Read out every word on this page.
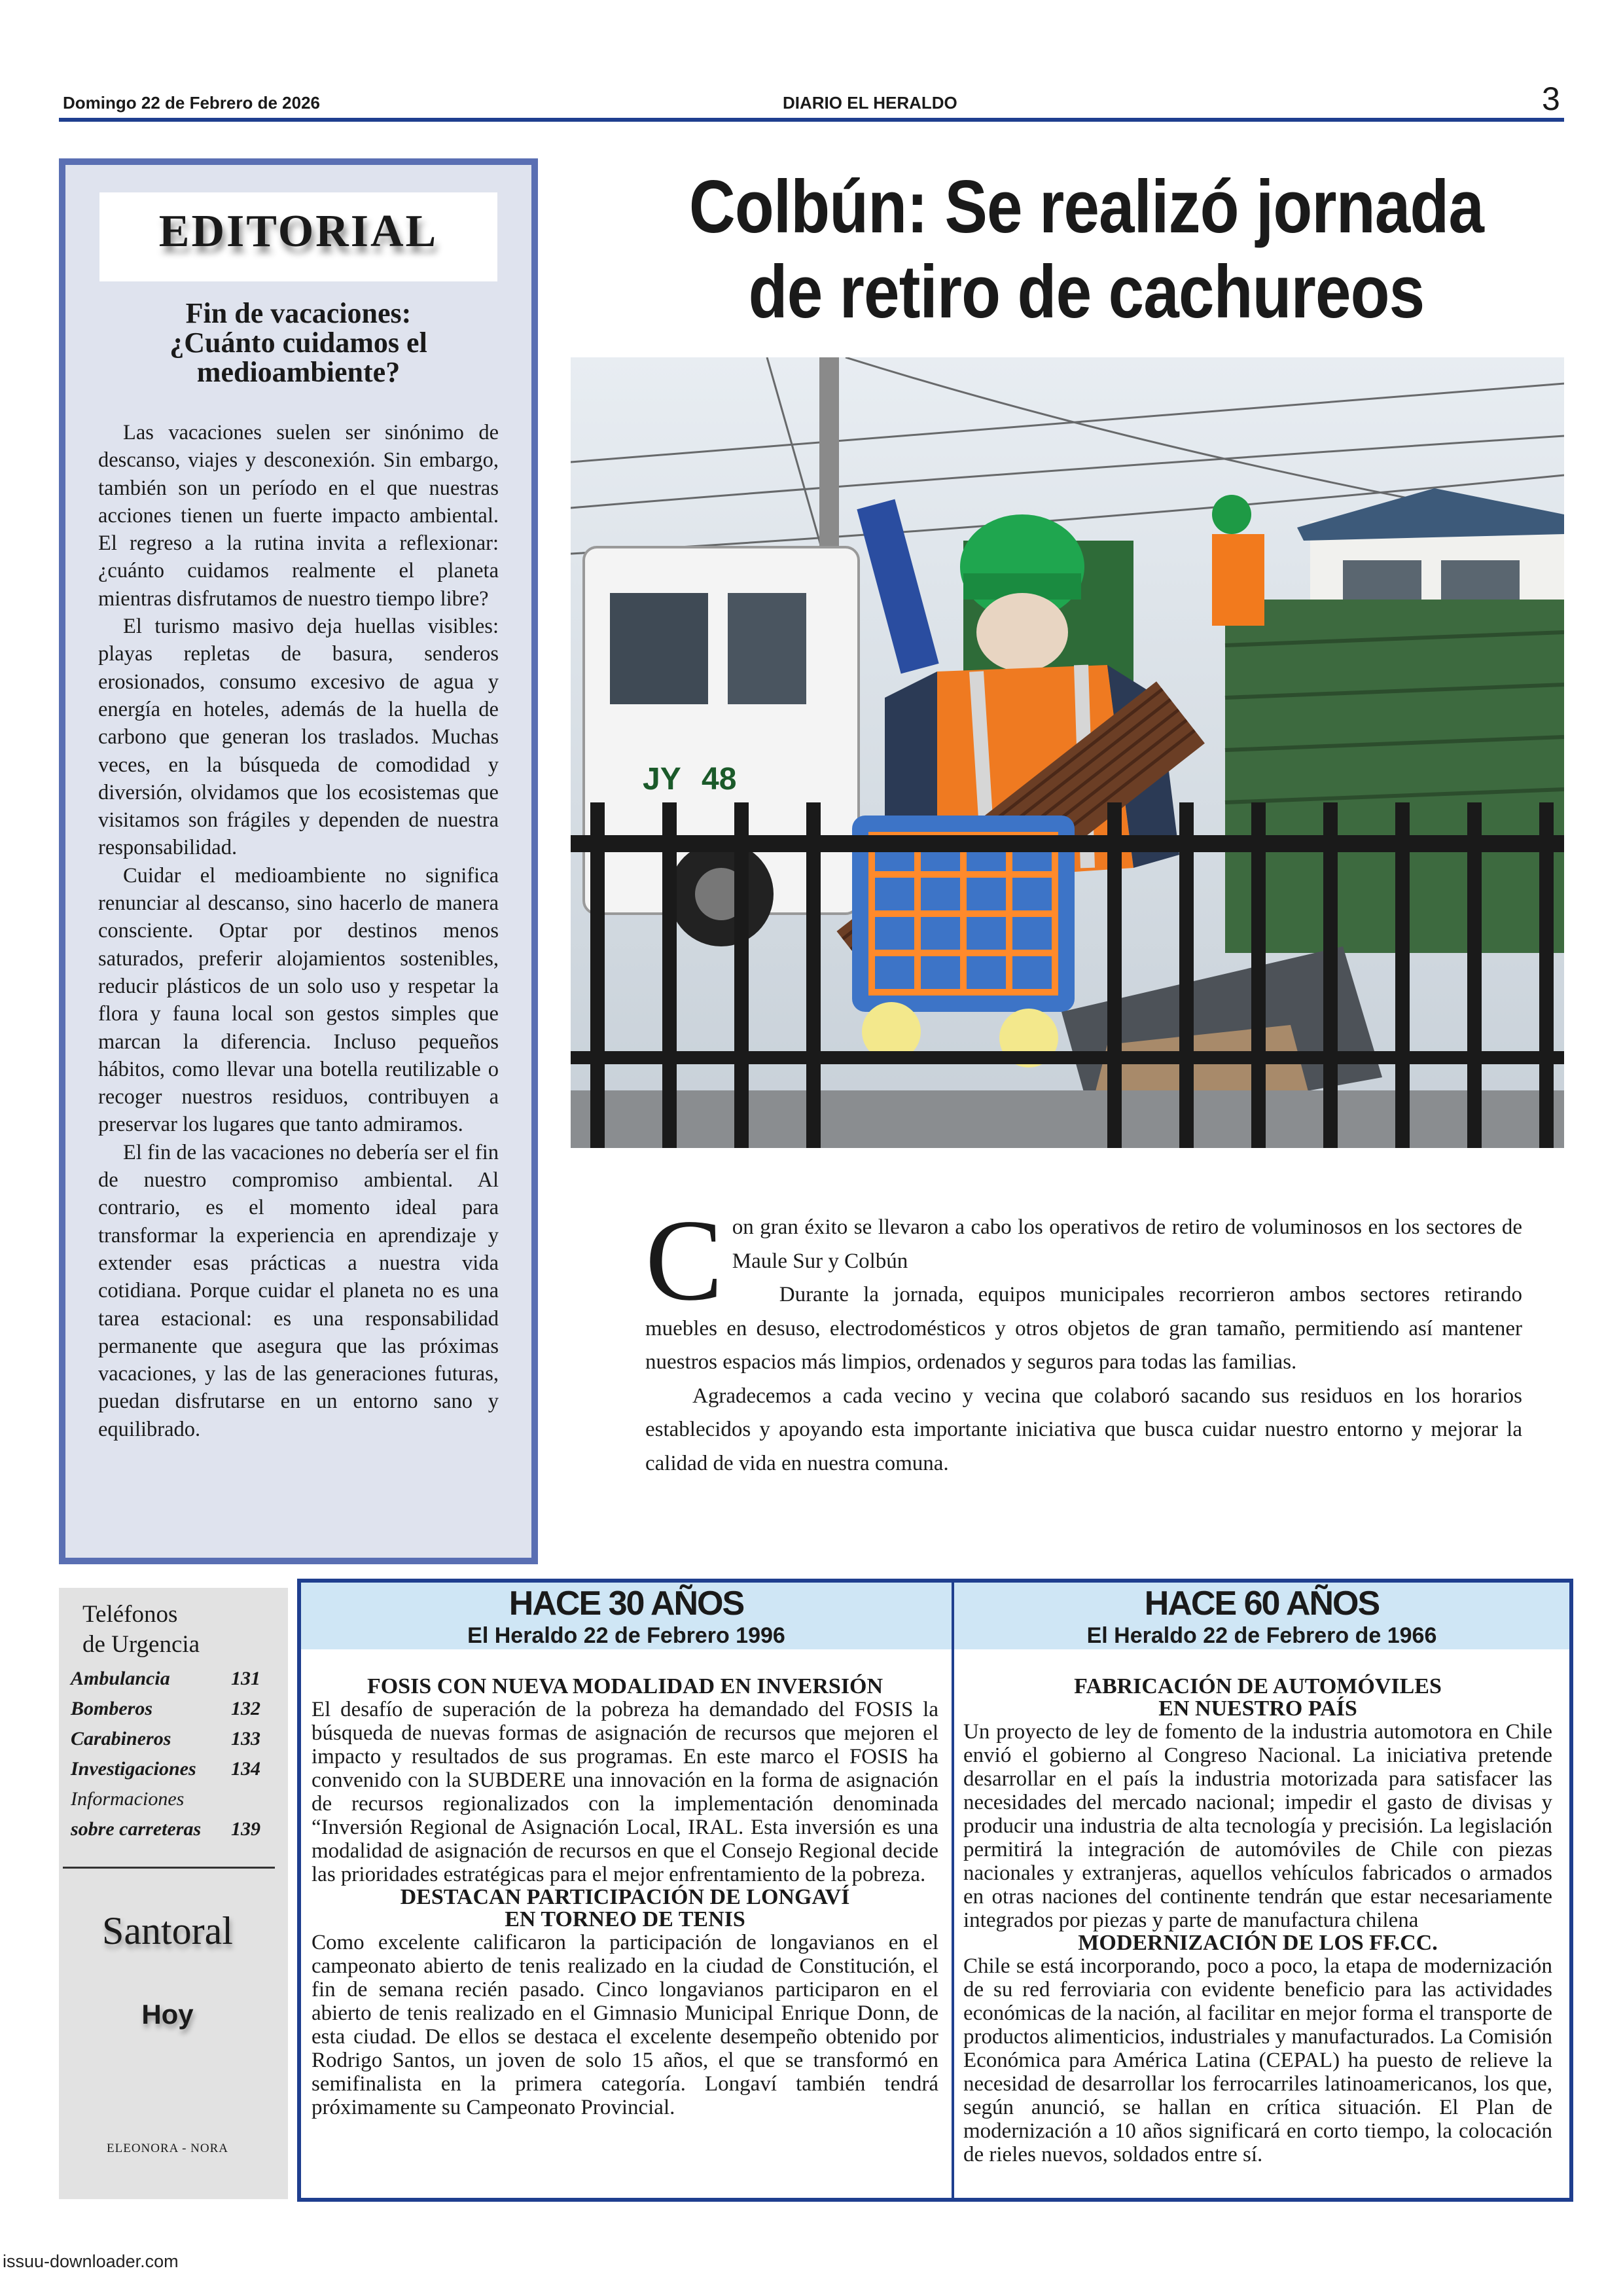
Domingo 22 de Febrero de 2026	DIARIO EL HERALDO	3
EDITORIAL
Fin de vacaciones:
¿Cuánto cuidamos el
medioambiente?

Las vacaciones suelen ser sinónimo de descanso, viajes y desconexión. Sin embargo, también son un período en el que nuestras acciones tienen un fuerte impacto ambiental. El regreso a la rutina invita a reflexionar: ¿cuánto cuidamos realmente el planeta mientras disfrutamos de nuestro tiempo libre?

El turismo masivo deja huellas visibles: playas repletas de basura, senderos erosionados, consumo excesivo de agua y energía en hoteles, además de la huella de carbono que generan los traslados. Muchas veces, en la búsqueda de comodidad y diversión, olvidamos que los ecosistemas que visitamos son frágiles y dependen de nuestra responsabilidad.

Cuidar el medioambiente no significa renunciar al descanso, sino hacerlo de manera consciente. Optar por destinos menos saturados, preferir alojamientos sostenibles, reducir plásticos de un solo uso y respetar la flora y fauna local son gestos simples que marcan la diferencia. Incluso pequeños hábitos, como llevar una botella reutilizable o recoger nuestros residuos, contribuyen a preservar los lugares que tanto admiramos.

El fin de las vacaciones no debería ser el fin de nuestro compromiso ambiental. Al contrario, es el momento ideal para transformar la experiencia en aprendizaje y extender esas prácticas a nuestra vida cotidiana. Porque cuidar el planeta no es una tarea estacional: es una responsabilidad permanente que asegura que las próximas vacaciones, y las de las generaciones futuras, puedan disfrutarse en un entorno sano y equilibrado.

Colbún: Se realizó jornada
de retiro de cachureos
JY 48

Con gran éxito se llevaron a cabo los operativos de retiro de voluminosos en los sectores de Maule Sur y Colbún

Durante la jornada, equipos municipales recorrieron ambos sectores retirando muebles en desuso, electrodomésticos y otros objetos de gran tamaño, permitiendo así mantener nuestros espacios más limpios, ordenados y seguros para todas las familias.

Agradecemos a cada vecino y vecina que colaboró sacando sus residuos en los horarios establecidos y apoyando esta importante iniciativa que busca cuidar nuestro entorno y mejorar la calidad de vida en nuestra comuna.

Teléfonos
de Urgencia
Ambulancia	131
Bomberos	132
Carabineros	133
Investigaciones 134
Informaciones
sobre carreteras 139
Santoral
Hoy
ELEONORA - NORA
HACE 30 AÑOS
El Heraldo 22 de Febrero 1996
HACE 60 AÑOS
El Heraldo 22 de Febrero de 1966
FOSIS CON NUEVA MODALIDAD EN INVERSIÓN
El desafío de superación de la pobreza ha demandado del FOSIS la búsqueda de nuevas formas de asignación de recursos que mejoren el impacto y resultados de sus programas. En este marco el FOSIS ha convenido con la SUBDERE una innovación en la forma de asignación de recursos regionalizados con la implementación denominada “Inversión Regional de Asignación Local, IRAL. Esta inversión es una modalidad de asignación de recursos en que el Consejo Regional decide las prioridades estratégicas para el mejor enfrentamiento de la pobreza.
DESTACAN PARTICIPACIÓN DE LONGAVÍ
EN TORNEO DE TENIS
Como excelente calificaron la participación de longavianos en el campeonato abierto de tenis realizado en la ciudad de Constitución, el fin de semana recién pasado. Cinco longavianos participaron en el abierto de tenis realizado en el Gimnasio Municipal Enrique Donn, de esta ciudad. De ellos se destaca el excelente desempeño obtenido por Rodrigo Santos, un joven de solo 15 años, el que se transformó en semifinalista en la primera categoría. Longaví también tendrá próximamente su Campeonato Provincial.
FABRICACIÓN DE AUTOMÓVILES
EN NUESTRO PAÍS
Un proyecto de ley de fomento de la industria automotora en Chile envió el gobierno al Congreso Nacional. La iniciativa pretende desarrollar en el país la industria motorizada para satisfacer las necesidades del mercado nacional; impedir el gasto de divisas y producir una industria de alta tecnología y precisión. La legislación permitirá la integración de automóviles de Chile con piezas nacionales y extranjeras, aquellos vehículos fabricados o armados en otras naciones del continente tendrán que estar necesariamente integrados por piezas y parte de manufactura chilena
MODERNIZACIÓN DE LOS FF.CC.
Chile se está incorporando, poco a poco, la etapa de modernización de su red ferroviaria con evidente beneficio para las actividades económicas de la nación, al facilitar en mejor forma el transporte de productos alimenticios, industriales y manufacturados. La Comisión Económica para América Latina (CEPAL) ha puesto de relieve la necesidad de desarrollar los ferrocarriles latinoamericanos, los que, según anunció, se hallan en crítica situación. El Plan de modernización a 10 años significará en corto tiempo, la colocación de rieles nuevos, soldados entre sí.
issuu-downloader.com
